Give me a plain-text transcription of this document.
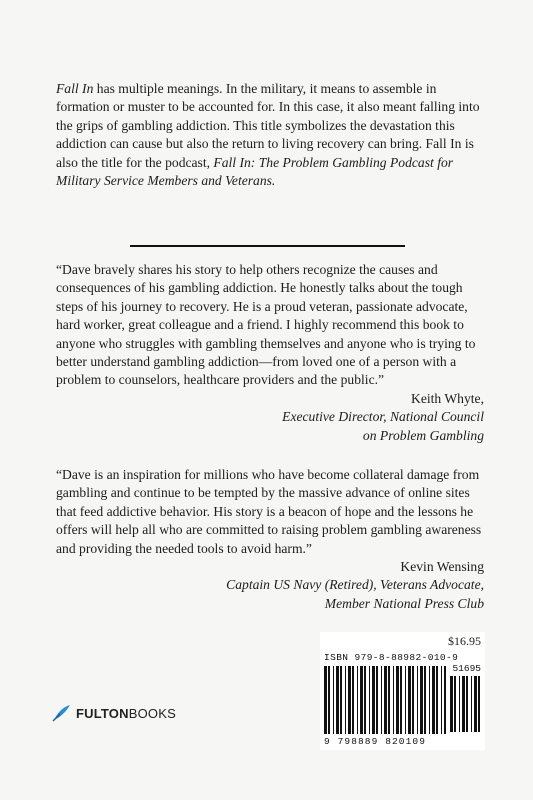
Fall In has multiple meanings. In the military, it means to assemble in formation or muster to be accounted for. In this case, it also meant falling into the grips of gambling addiction. This title symbolizes the devastation this addiction can cause but also the return to living recovery can bring. Fall In is also the title for the podcast, Fall In: The Problem Gambling Podcast for Military Service Members and Veterans.

“Dave bravely shares his story to help others recognize the causes and consequences of his gambling addiction. He honestly talks about the tough steps of his journey to recovery. He is a proud veteran, passionate advocate, hard worker, great colleague and a friend. I highly recommend this book to anyone who struggles with gambling themselves and anyone who is trying to better understand gambling addiction—from loved one of a person with a problem to counselors, healthcare providers and the public.”

Keith Whyte,
Executive Director, National Council
on Problem Gambling

“Dave is an inspiration for millions who have become collateral damage from gambling and continue to be tempted by the massive advance of online sites that feed addictive behavior. His story is a beacon of hope and the lessons he offers will help all who are committed to raising problem gambling awareness and providing the needed tools to avoid harm.”

Kevin Wensing
Captain US Navy (Retired), Veterans Advocate,
Member National Press Club
FULTONBOOKS
$16.95
ISBN 979-8-88982-010-9
51695
9 798889 820109
